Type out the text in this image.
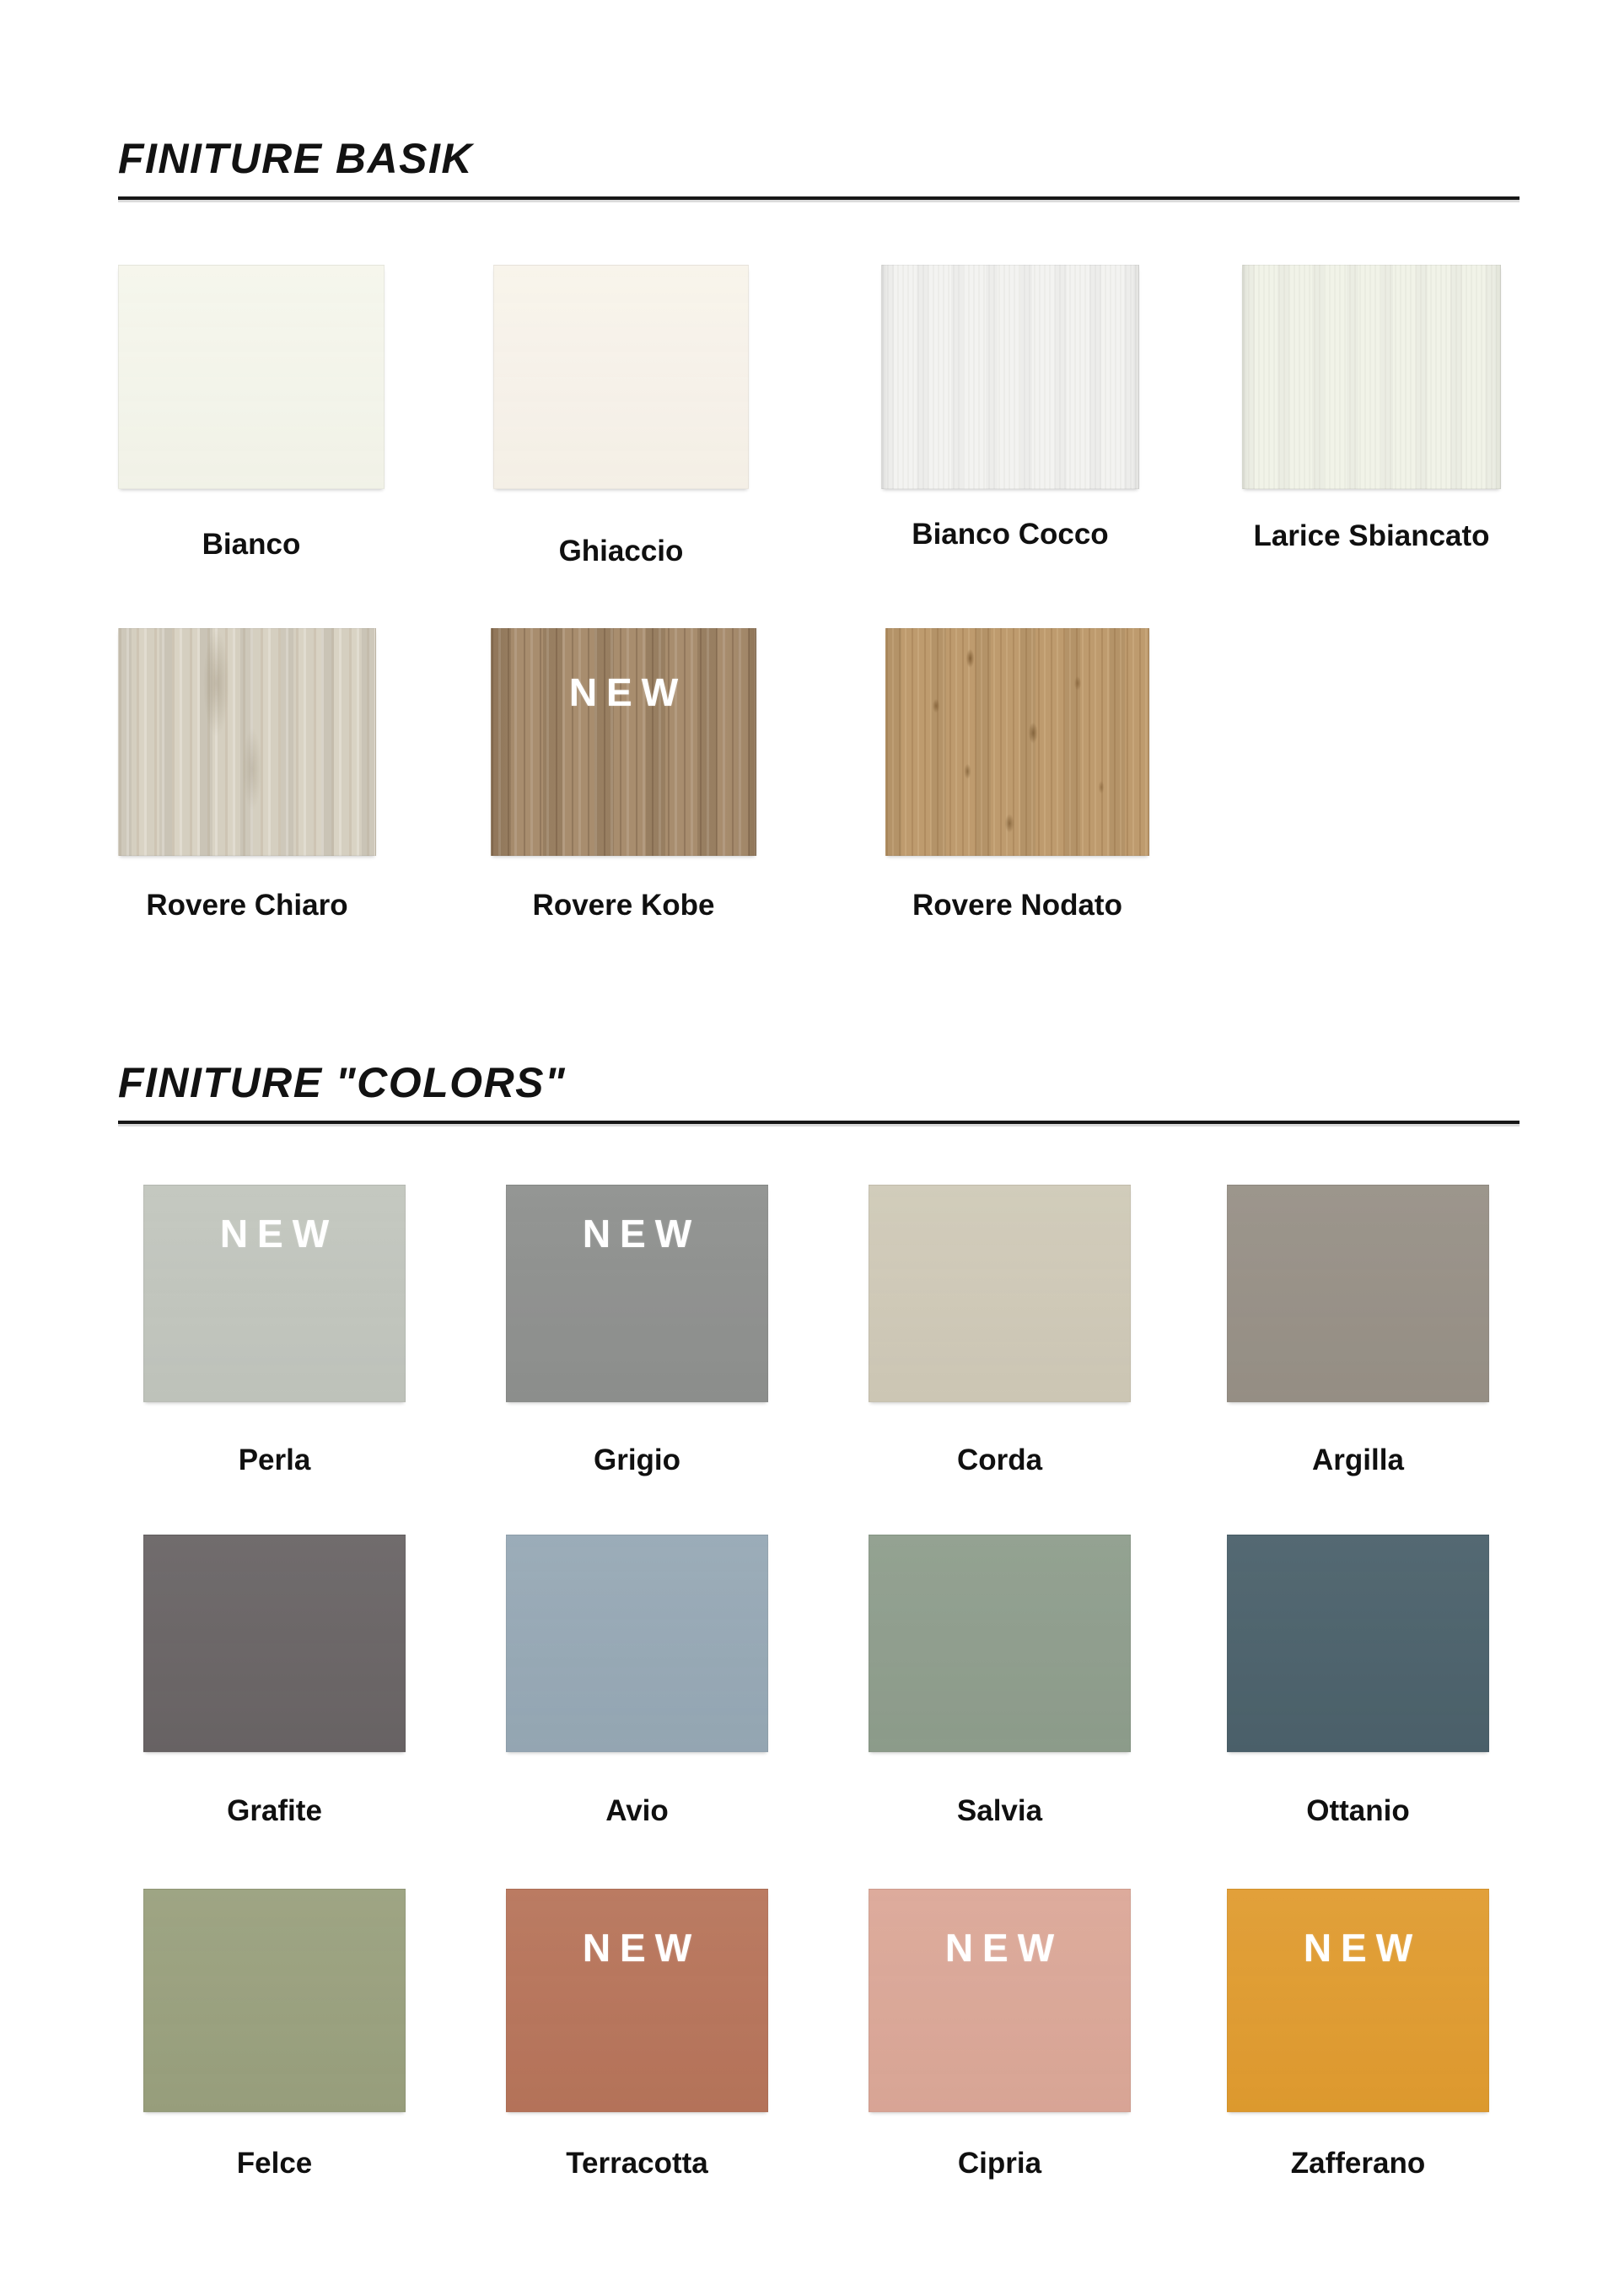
FINITURE BASIK
Bianco	Ghiaccio
Bianco Cocco	Larice Sbiancato
Rovere Chiaro
NEW
Rovere Kobe	Rovere Nodato
FINITURE "COLORS"
NEW
Perla
NEW
Grigio	Corda	Argilla
Grafite	Avio	Salvia	Ottanio
Felce
NEW
Terracotta
NEW
Cipria
NEW
Zafferano
